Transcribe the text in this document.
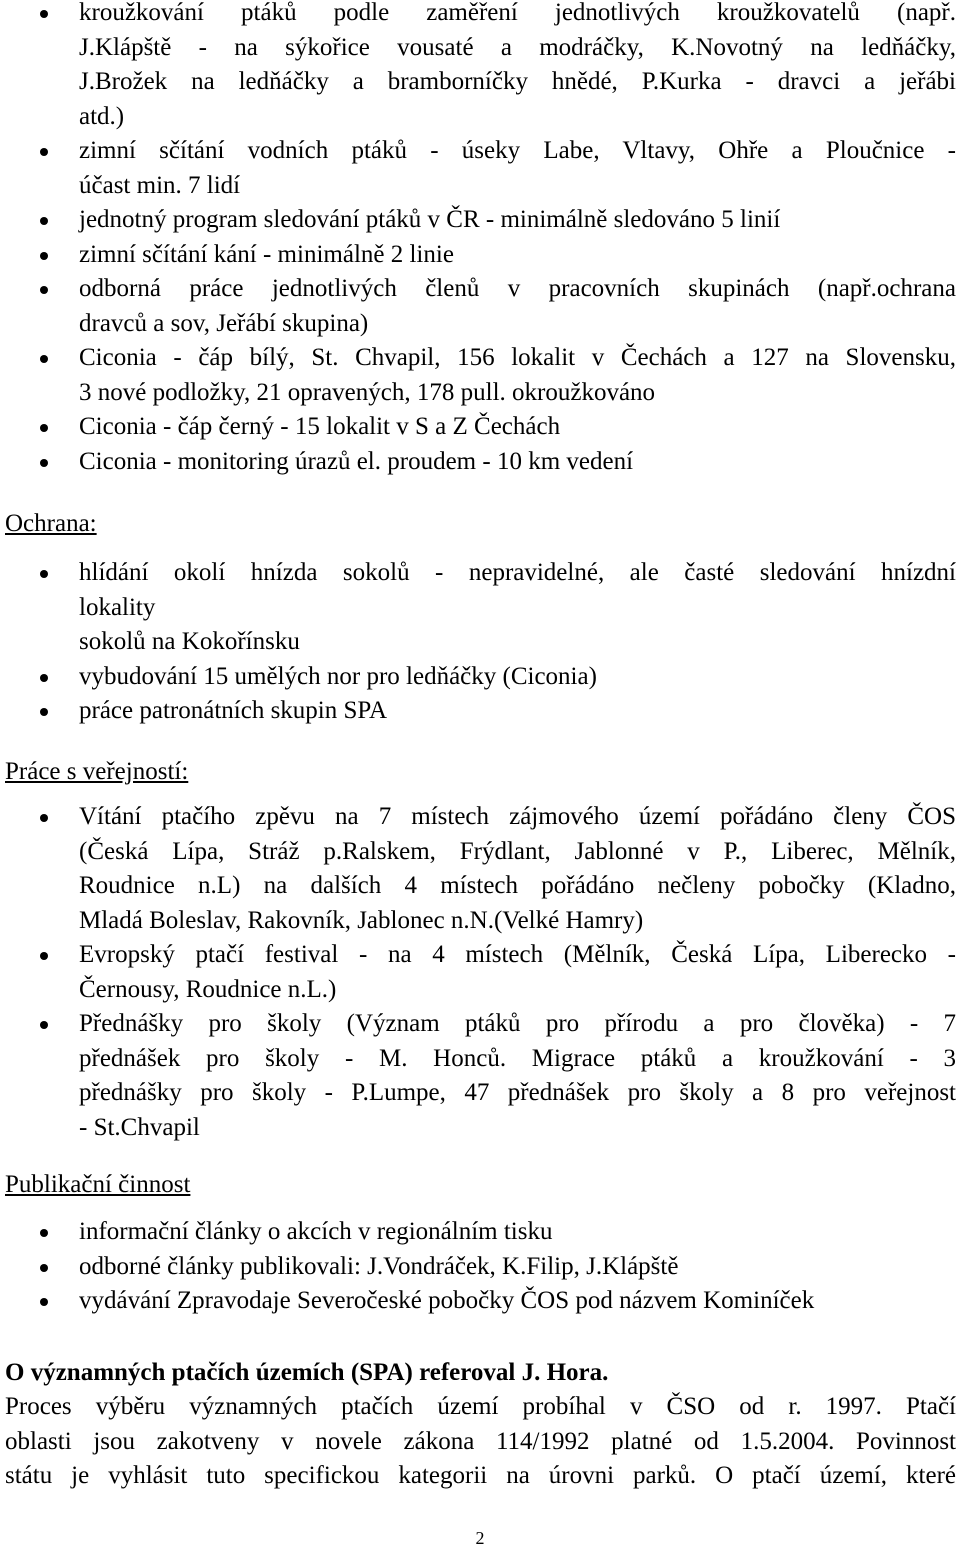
kroužkování ptáků podle zaměření jednotlivých kroužkovatelů (např.
J.Klápště - na sýkořice vousaté a modráčky, K.Novotný na ledňáčky,
J.Brožek na ledňáčky a bramborníčky hnědé, P.Kurka - dravci a jeřábi
atd.)
zimní sčítání vodních ptáků - úseky Labe, Vltavy, Ohře a Ploučnice -
účast min. 7 lidí
jednotný program sledování ptáků v ČR - minimálně sledováno 5 linií
zimní sčítání kání - minimálně 2 linie
odborná práce jednotlivých členů v pracovních skupinách (např.ochrana
dravců a sov, Jeřábí skupina)
Ciconia - čáp bílý, St. Chvapil, 156 lokalit v Čechách a 127 na Slovensku,
3 nové podložky, 21 opravených, 178 pull. okroužkováno
Ciconia - čáp černý - 15 lokalit v S a Z Čechách
Ciconia - monitoring úrazů el. proudem - 10 km vedení
Ochrana:
hlídání okolí hnízda sokolů - nepravidelné, ale časté sledování hnízdní
lokality
sokolů na Kokořínsku
vybudování 15 umělých nor pro ledňáčky (Ciconia)
práce patronátních skupin SPA
Práce s veřejností:
Vítání ptačího zpěvu na 7 místech zájmového území pořádáno členy ČOS
(Česká Lípa, Stráž p.Ralskem, Frýdlant, Jablonné v P., Liberec, Mělník,
Roudnice n.L) na dalších 4 místech pořádáno nečleny pobočky (Kladno,
Mladá Boleslav, Rakovník, Jablonec n.N.(Velké Hamry)
Evropský ptačí festival - na 4 místech (Mělník, Česká Lípa, Liberecko -
Černousy, Roudnice n.L.)
Přednášky pro školy (Význam ptáků pro přírodu a pro člověka) - 7
přednášek pro školy - M. Honců. Migrace ptáků a kroužkování - 3
přednášky pro školy - P.Lumpe, 47 přednášek pro školy a 8 pro veřejnost
- St.Chvapil
Publikační činnost
informační články o akcích v regionálním tisku
odborné články publikovali: J.Vondráček, K.Filip, J.Klápště
vydávání Zpravodaje Severočeské pobočky ČOS pod názvem Kominíček
O významných ptačích územích (SPA) referoval J. Hora.
Proces výběru významných ptačích území probíhal v ČSO od r. 1997. Ptačí
oblasti jsou zakotveny v novele zákona 114/1992 platné od 1.5.2004. Povinnost
státu je vyhlásit tuto specifickou kategorii na úrovni parků. O ptačí území, které
2
